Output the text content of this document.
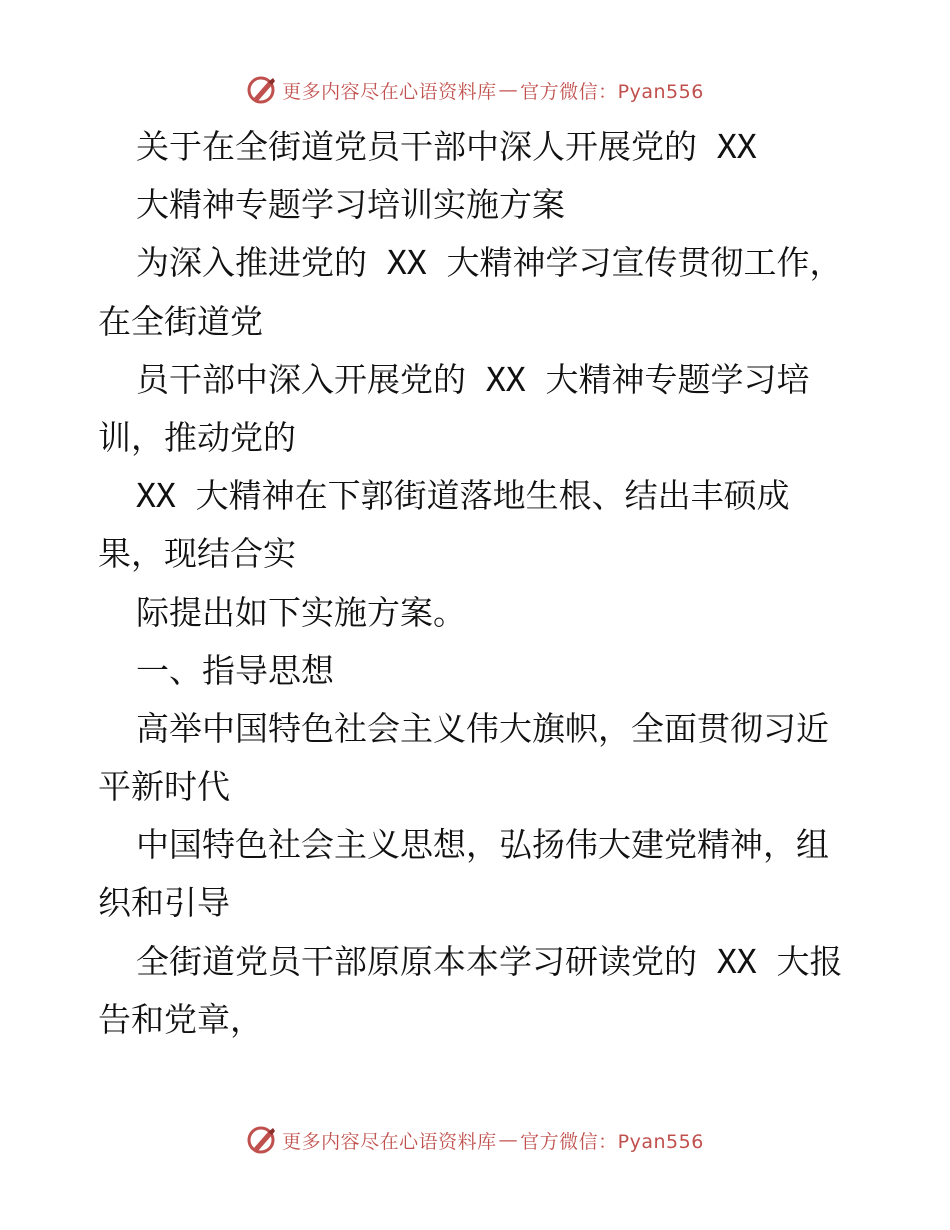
更多内容尽在心语资料库 — 官方微信：Pyan556
关于在全街道党员干部中深人开展党的 XX
大精神专题学习培训实施方案
为深入推进党的 XX 大精神学习宣传贯彻工作，
在全街道党
员干部中深入开展党的 XX 大精神专题学习培
训，推动党的
XX 大精神在下郭街道落地生根、结出丰硕成
果，现结合实
际提出如下实施方案。
一、指导思想
高举中国特色社会主义伟大旗帜，全面贯彻习近
平新时代
中国特色社会主义思想，弘扬伟大建党精神，组
织和引导
全街道党员干部原原本本学习研读党的 XX 大报
告和党章，
更多内容尽在心语资料库 — 官方微信：Pyan556
